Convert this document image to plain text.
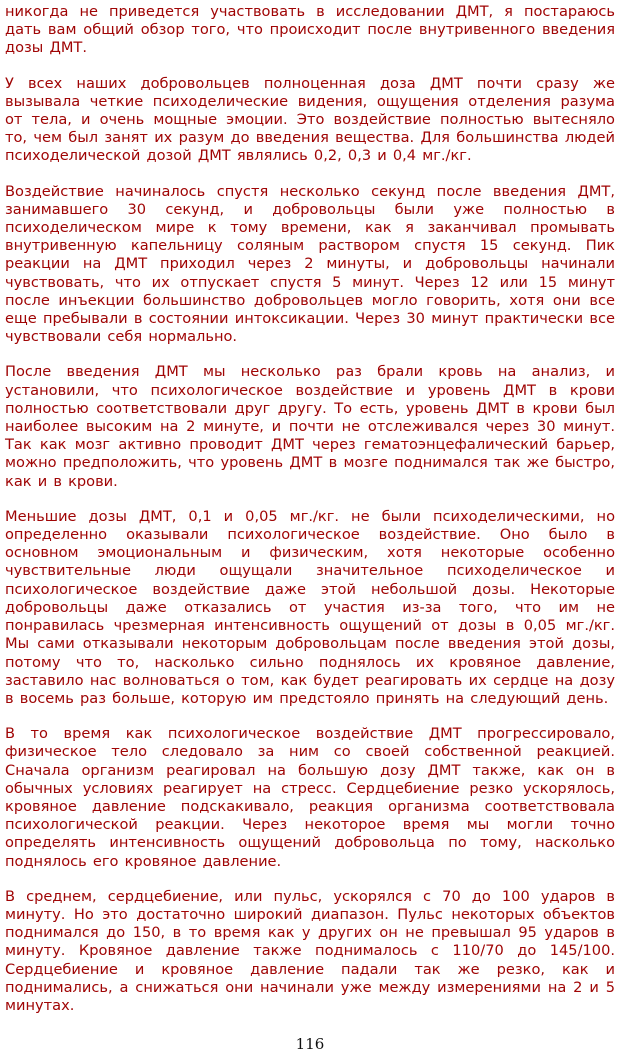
никогда не приведется участвовать в исследовании ДМТ, я постараюсь дать вам общий обзор того, что происходит после внутривенного введения дозы ДМТ.

У всех наших добровольцев полноценная доза ДМТ почти сразу же вызывала четкие психоделические видения, ощущения отделения разума от тела, и очень мощные эмоции. Это воздействие полностью вытесняло то, чем был занят их разум до введения вещества. Для большинства людей психоделической дозой ДМТ являлись 0,2, 0,3 и 0,4 мг./кг.

Воздействие начиналось спустя несколько секунд после введения ДМТ, занимавшего 30 секунд, и добровольцы были уже полностью в психоделическом мире к тому времени, как я заканчивал промывать внутривенную капельницу соляным раствором спустя 15 секунд. Пик реакции на ДМТ приходил через 2 минуты, и добровольцы начинали чувствовать, что их отпускает спустя 5 минут. Через 12 или 15 минут после инъекции большинство добровольцев могло говорить, хотя они все еще пребывали в состоянии интоксикации. Через 30 минут практически все чувствовали себя нормально.

После введения ДМТ мы несколько раз брали кровь на анализ, и установили, что психологическое воздействие и уровень ДМТ в крови полностью соответствовали друг другу. То есть, уровень ДМТ в крови был наиболее высоким на 2 минуте, и почти не отслеживался через 30 минут. Так как мозг активно проводит ДМТ через гематоэнцефалический барьер, можно предположить, что уровень ДМТ в мозге поднимался так же быстро, как и в крови.

Меньшие дозы ДМТ, 0,1 и 0,05 мг./кг. не были психоделическими, но определенно оказывали психологическое воздействие. Оно было в основном эмоциональным и физическим, хотя некоторые особенно чувствительные люди ощущали значительное психоделическое и психологическое воздействие даже этой небольшой дозы. Некоторые добровольцы даже отказались от участия из-за того, что им не понравилась чрезмерная интенсивность ощущений от дозы в 0,05 мг./кг. Мы сами отказывали некоторым добровольцам после введения этой дозы, потому что то, насколько сильно поднялось их кровяное давление, заставило нас волноваться о том, как будет реагировать их сердце на дозу в восемь раз больше, которую им предстояло принять на следующий день.

В то время как психологическое воздействие ДМТ прогрессировало, физическое тело следовало за ним со своей собственной реакцией. Сначала организм реагировал на большую дозу ДМТ также, как он в обычных условиях реагирует на стресс. Сердцебиение резко ускорялось, кровяное давление подскакивало, реакция организма соответствовала психологической реакции. Через некоторое время мы могли точно определять интенсивность ощущений добровольца по тому, насколько поднялось его кровяное давление.

В среднем, сердцебиение, или пульс, ускорялся с 70 до 100 ударов в минуту. Но это достаточно широкий диапазон. Пульс некоторых объектов поднимался до 150, в то время как у других он не превышал 95 ударов в минуту. Кровяное давление также поднималось с 110/70 до 145/100. Сердцебиение и кровяное давление падали так же резко, как и поднимались, а снижаться они начинали уже между измерениями на 2 и 5 минутах.

116
